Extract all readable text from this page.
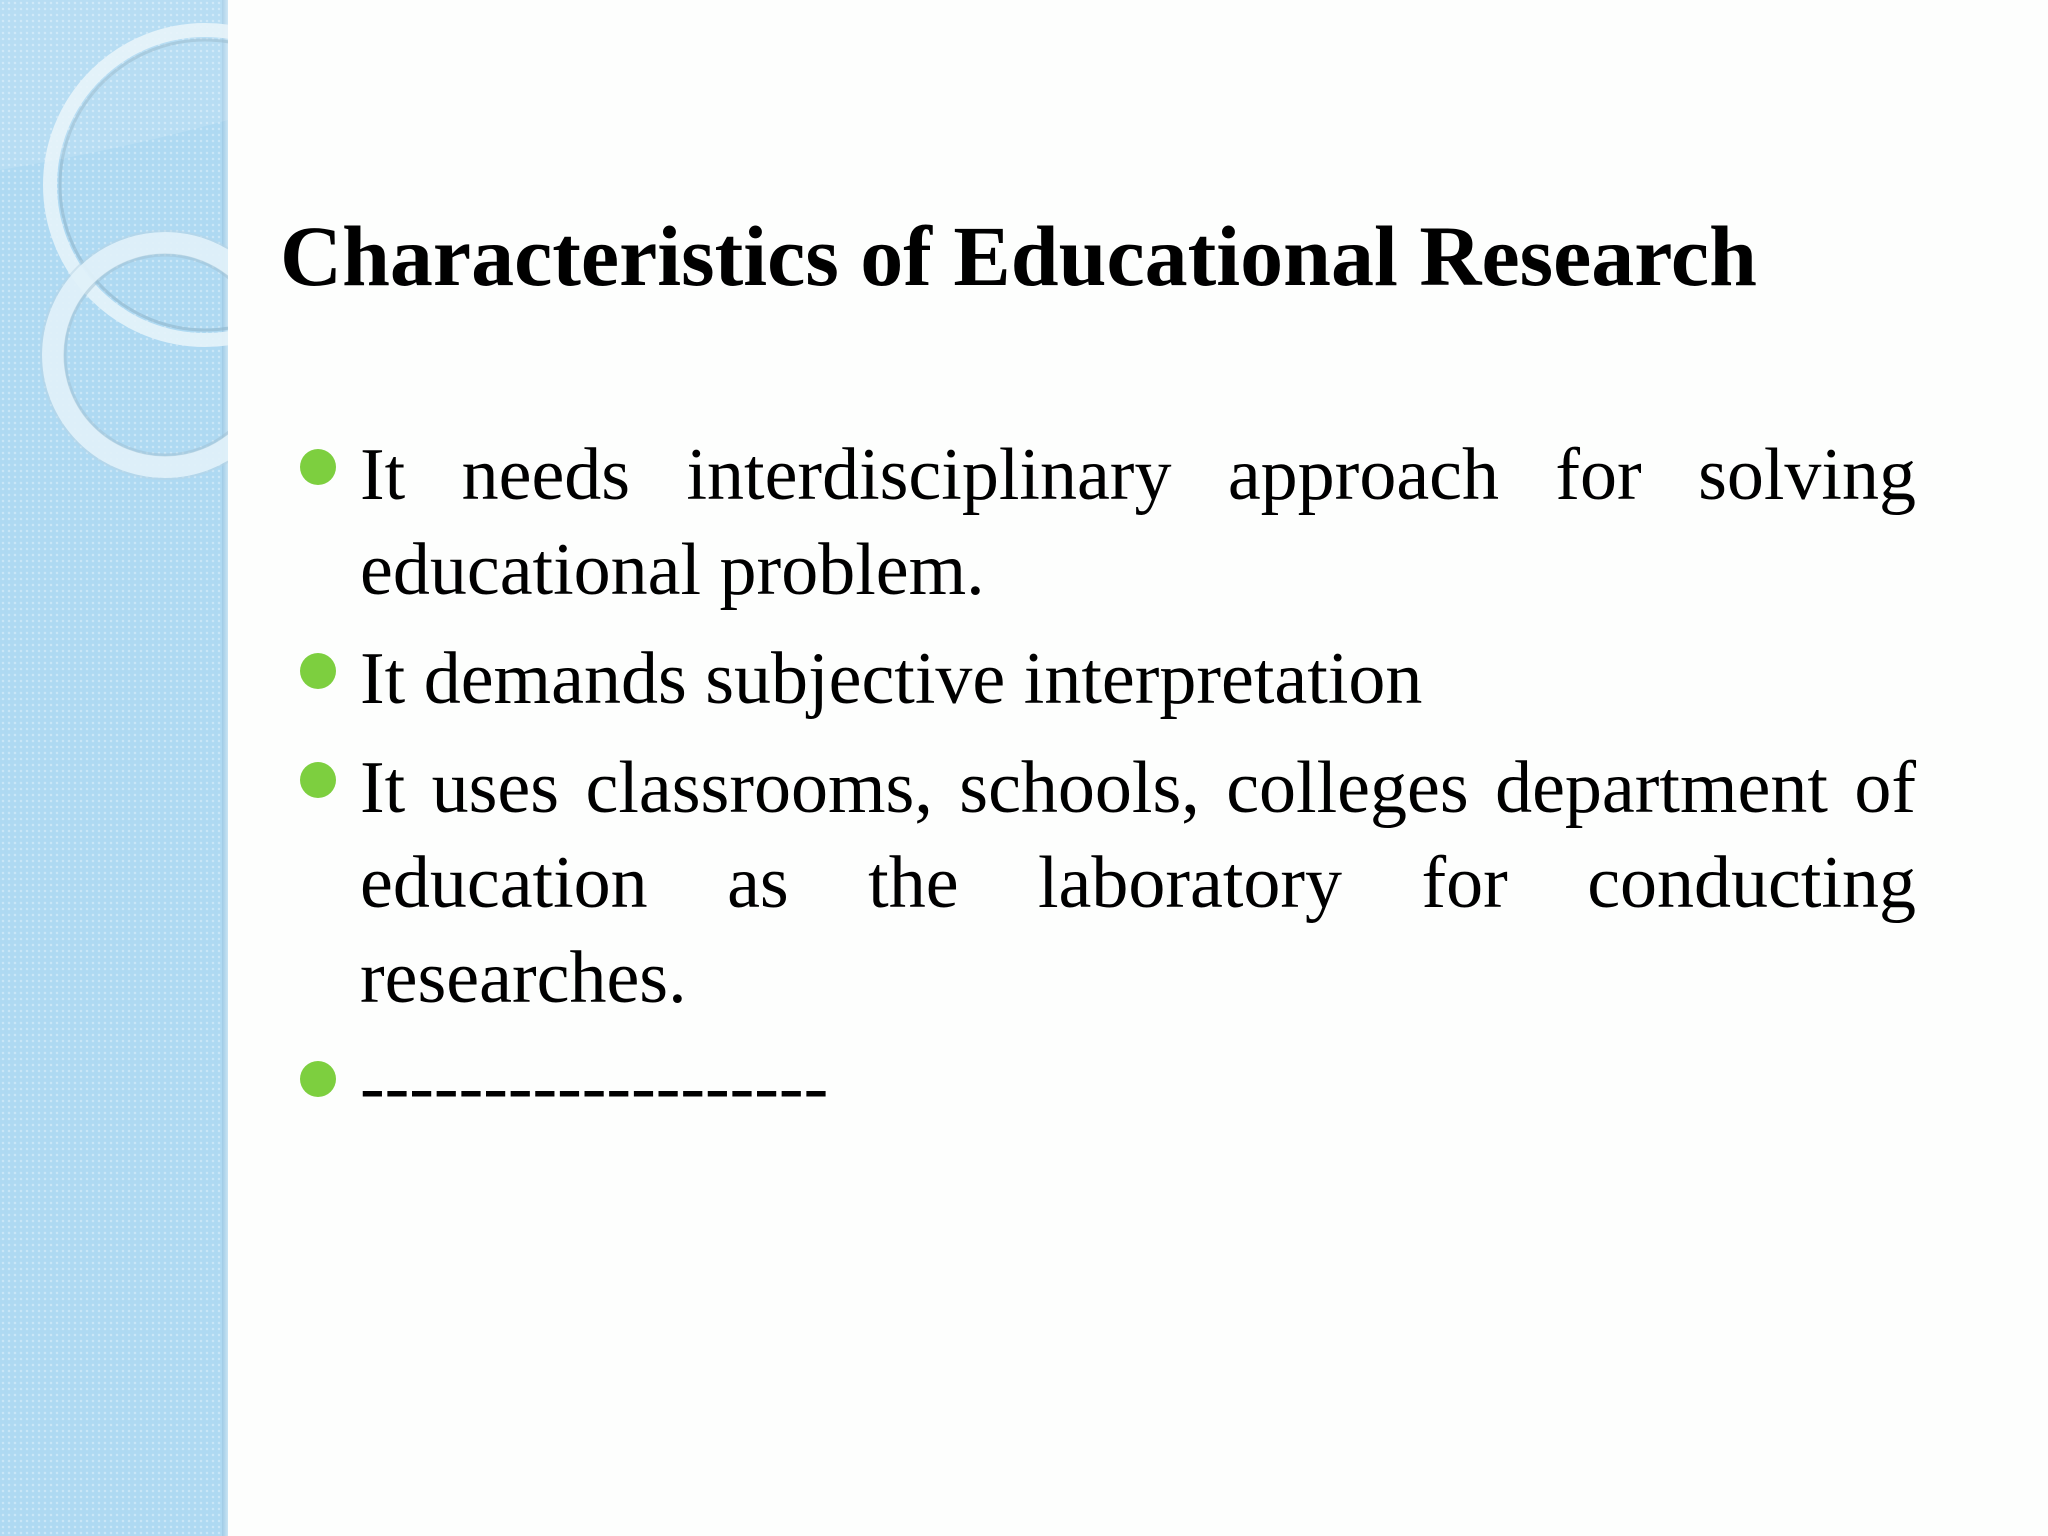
Characteristics of Educational Research
It needs interdisciplinary approach for solving educational problem.
It demands subjective interpretation
It uses classrooms, schools, colleges department of education as the laboratory for conducting researches.
-------------------
